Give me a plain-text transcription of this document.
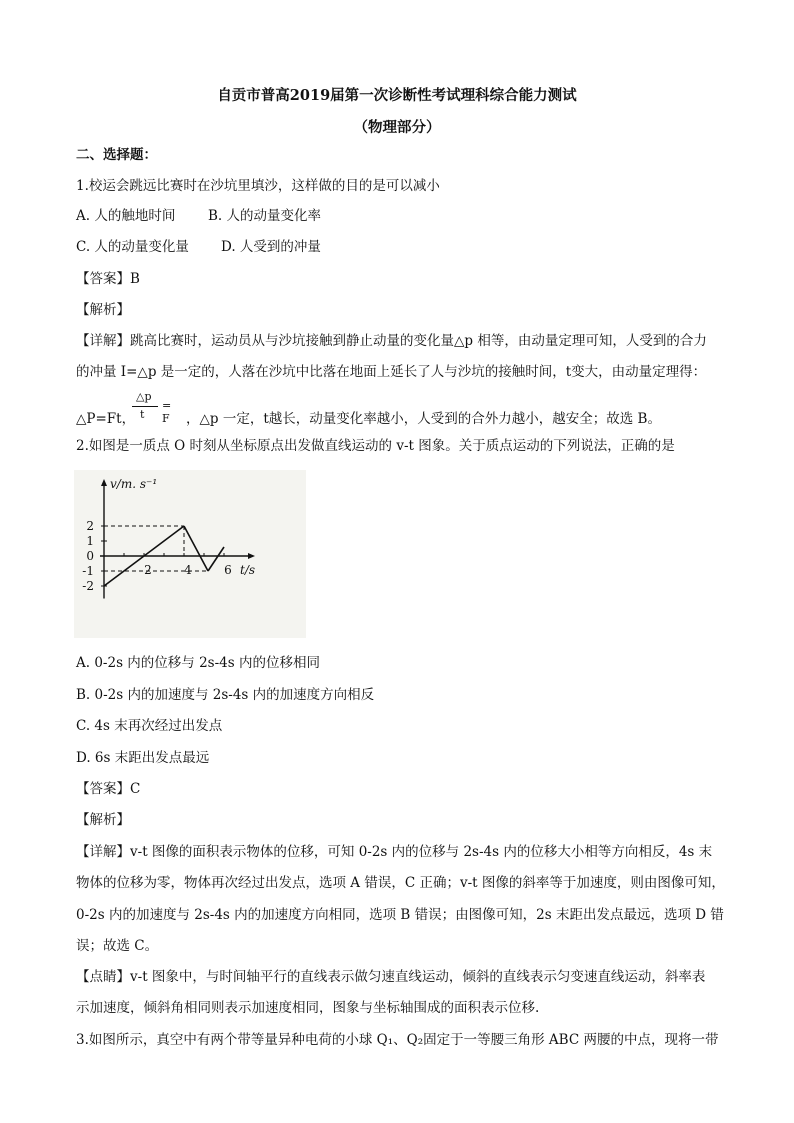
自贡市普高2019届第一次诊断性考试理科综合能力测试
（物理部分）
二、选择题：
1.校运会跳远比赛时在沙坑里填沙，这样做的目的是可以减小
A. 人的触地时间 B. 人的动量变化率
C. 人的动量变化量 D. 人受到的冲量
【答案】B
【解析】
【详解】跳高比赛时，运动员从与沙坑接触到静止动量的变化量△p 相等，由动量定理可知，人受到的合力
的冲量 I=△p 是一定的，人落在沙坑中比落在地面上延长了人与沙坑的接触时间，t变大，由动量定理得：
△P=Ft，
△p
t
= F	，△p 一定，t越长，动量变化率越小，人受到的合外力越小，越安全；故选 B。
2.如图是一质点 O 时刻从坐标原点出发做直线运动的 v-t 图象。关于质点运动的下列说法，正确的是
v/m. s⁻¹
t/s
2
1
0
-1
-2
2	4	6
A. 0-2s 内的位移与 2s-4s 内的位移相同
B. 0-2s 内的加速度与 2s-4s 内的加速度方向相反
C. 4s 末再次经过出发点
D. 6s 末距出发点最远
【答案】C
【解析】
【详解】v-t 图像的面积表示物体的位移，可知 0-2s 内的位移与 2s-4s 内的位移大小相等方向相反，4s 末
物体的位移为零，物体再次经过出发点，选项 A 错误，C 正确；v-t 图像的斜率等于加速度，则由图像可知，
0-2s 内的加速度与 2s-4s 内的加速度方向相同，选项 B 错误；由图像可知，2s 末距出发点最远，选项 D 错
误；故选 C。
【点睛】v-t 图象中，与时间轴平行的直线表示做匀速直线运动，倾斜的直线表示匀变速直线运动，斜率表
示加速度，倾斜角相同则表示加速度相同，图象与坐标轴围成的面积表示位移.
3.如图所示，真空中有两个带等量异种电荷的小球 Q₁、Q₂固定于一等腰三角形 ABC 两腰的中点，现将一带
